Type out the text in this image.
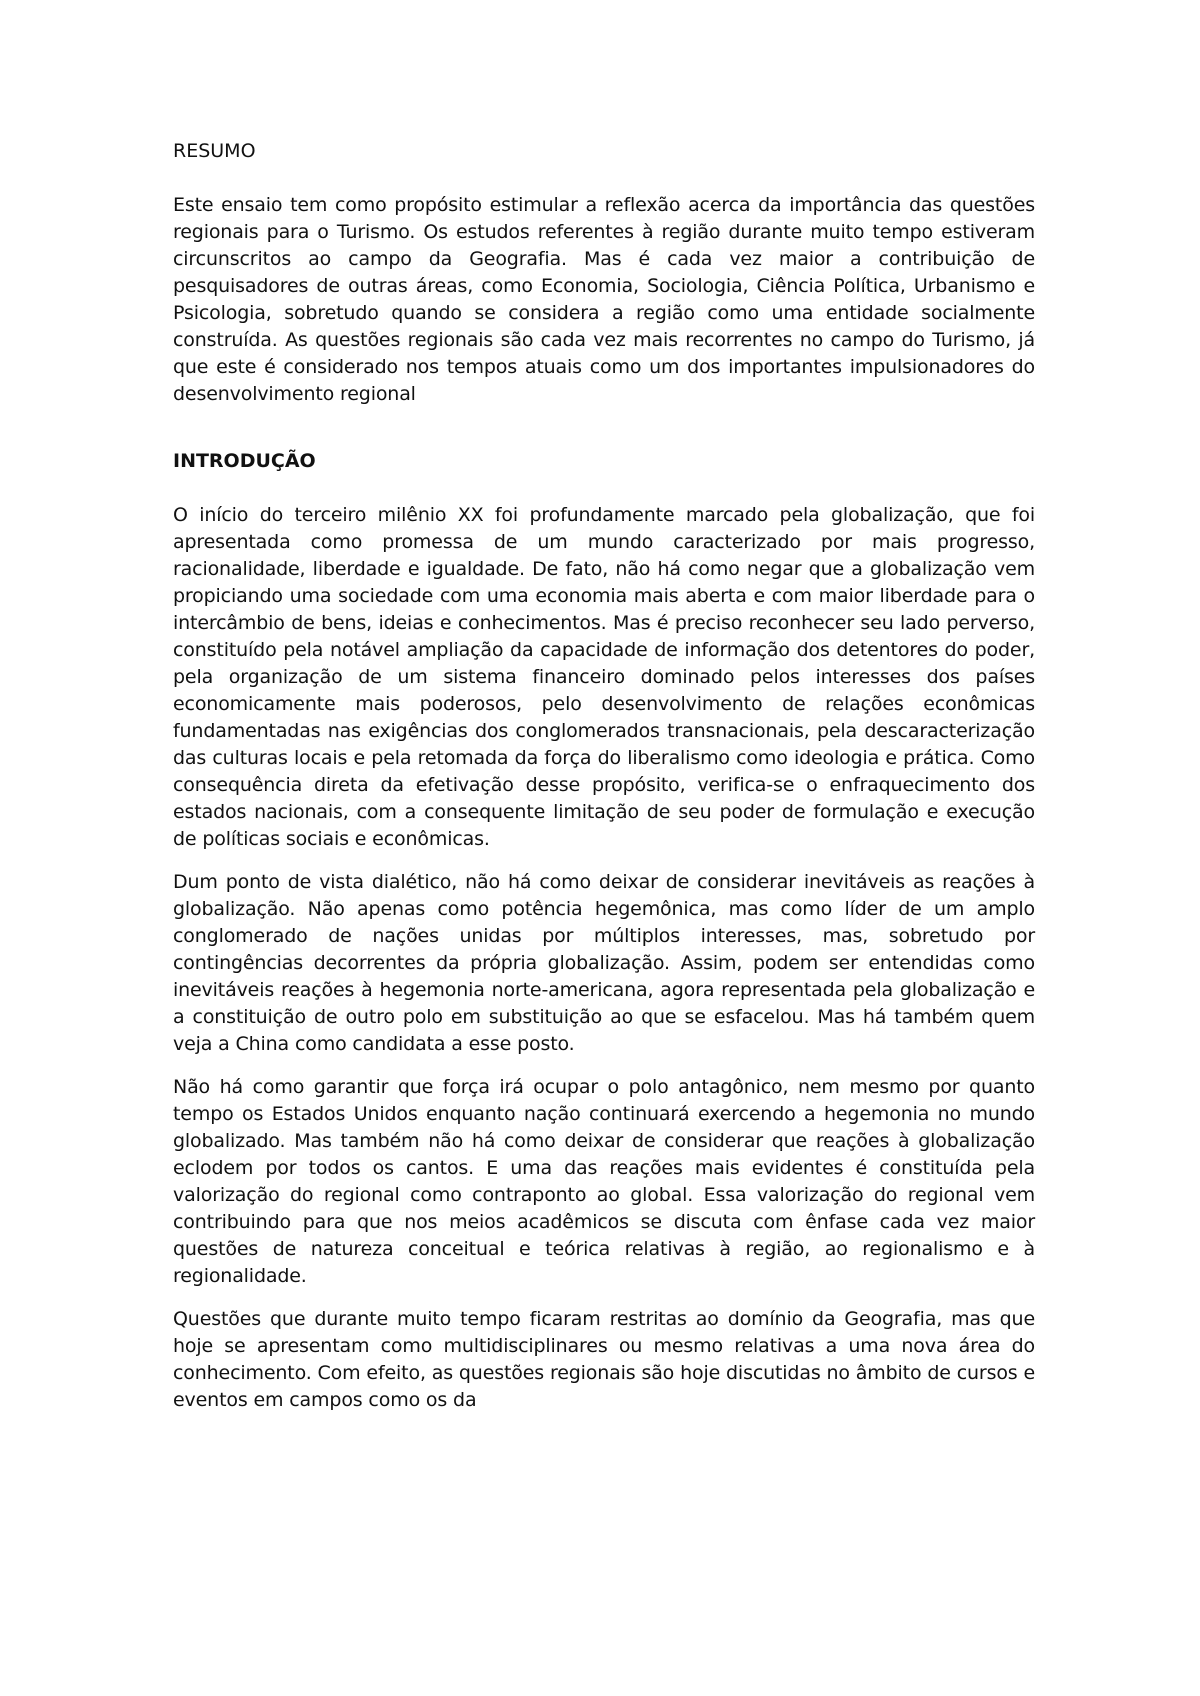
RESUMO

Este ensaio tem como propósito estimular a reflexão acerca da importância das questões regionais para o Turismo. Os estudos referentes à região durante muito tempo estiveram circunscritos ao campo da Geografia. Mas é cada vez maior a contribuição de pesquisadores de outras áreas, como Economia, Sociologia, Ciência Política, Urbanismo e Psicologia, sobretudo quando se considera a região como uma entidade socialmente construída. As questões regionais são cada vez mais recorrentes no campo do Turismo, já que este é considerado nos tempos atuais como um dos importantes impulsionadores do desenvolvimento regional

INTRODUÇÃO

O início do terceiro milênio XX foi profundamente marcado pela globalização, que foi apresentada como promessa de um mundo caracterizado por mais progresso, racionalidade, liberdade e igualdade. De fato, não há como negar que a globalização vem propiciando uma sociedade com uma economia mais aberta e com maior liberdade para o intercâmbio de bens, ideias e conhecimentos. Mas é preciso reconhecer seu lado perverso, constituído pela notável ampliação da capacidade de informação dos detentores do poder, pela organização de um sistema financeiro dominado pelos interesses dos países economicamente mais poderosos, pelo desenvolvimento de relações econômicas fundamentadas nas exigências dos conglomerados transnacionais, pela descaracterização das culturas locais e pela retomada da força do liberalismo como ideologia e prática. Como consequência direta da efetivação desse propósito, verifica-se o enfraquecimento dos estados nacionais, com a consequente limitação de seu poder de formulação e execução de políticas sociais e econômicas.

Dum ponto de vista dialético, não há como deixar de considerar inevitáveis as reações à globalização. Não apenas como potência hegemônica, mas como líder de um amplo conglomerado de nações unidas por múltiplos interesses, mas, sobretudo por contingências decorrentes da própria globalização. Assim, podem ser entendidas como inevitáveis reações à hegemonia norte-americana, agora representada pela globalização e a constituição de outro polo em substituição ao que se esfacelou. Mas há também quem veja a China como candidata a esse posto.

Não há como garantir que força irá ocupar o polo antagônico, nem mesmo por quanto tempo os Estados Unidos enquanto nação continuará exercendo a hegemonia no mundo globalizado. Mas também não há como deixar de considerar que reações à globalização eclodem por todos os cantos. E uma das reações mais evidentes é constituída pela valorização do regional como contraponto ao global. Essa valorização do regional vem contribuindo para que nos meios acadêmicos se discuta com ênfase cada vez maior questões de natureza conceitual e teórica relativas à região, ao regionalismo e à regionalidade.

Questões que durante muito tempo ficaram restritas ao domínio da Geografia, mas que hoje se apresentam como multidisciplinares ou mesmo relativas a uma nova área do conhecimento. Com efeito, as questões regionais são hoje discutidas no âmbito de cursos e eventos em campos como os da
